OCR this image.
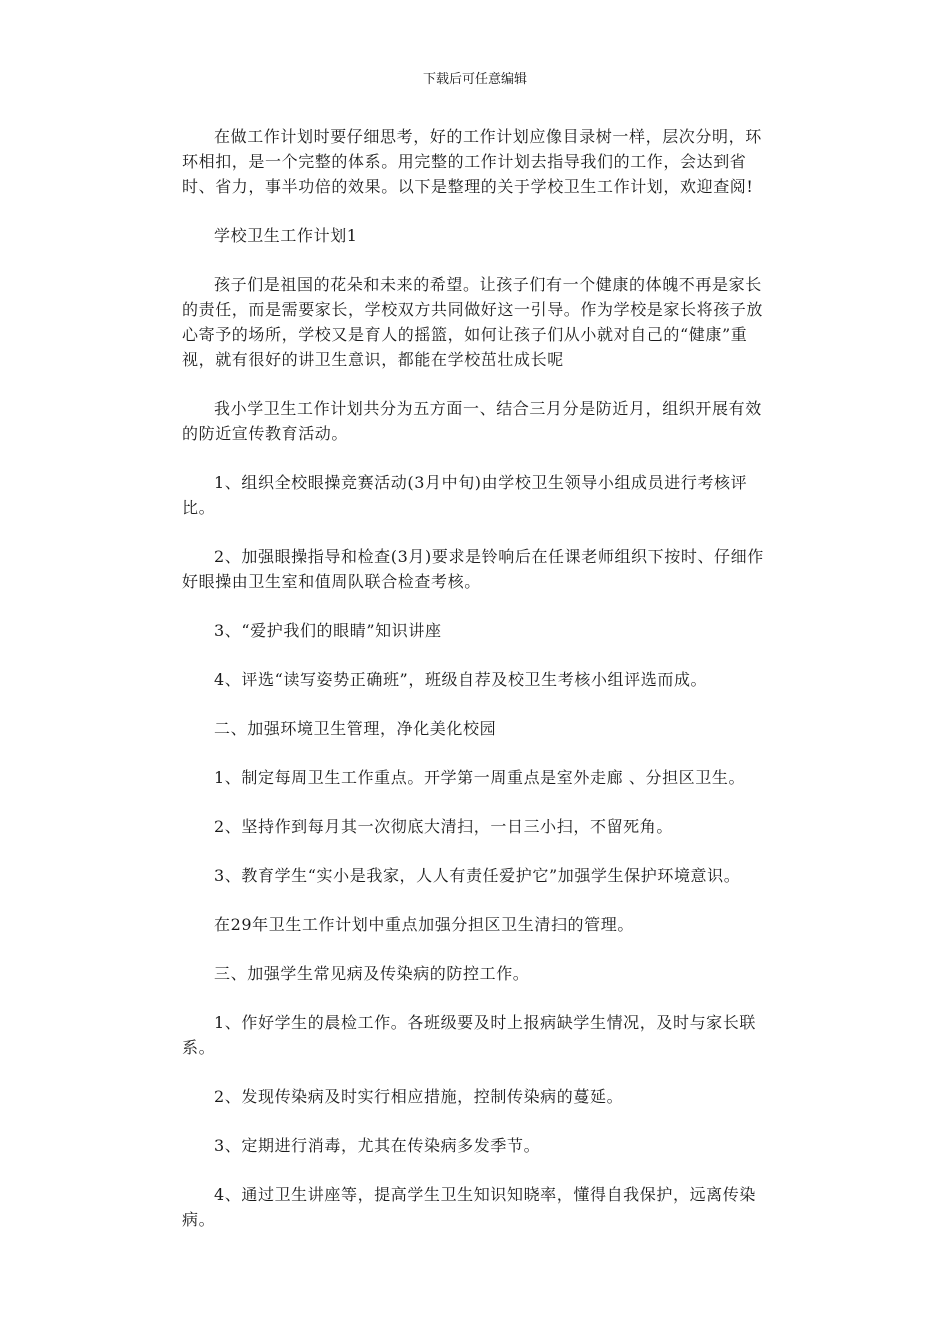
下载后可任意编辑

在做工作计划时要仔细思考，好的工作计划应像目录树一样，层次分明，环环相扣，是一个完整的体系。用完整的工作计划去指导我们的工作，会达到省时、省力，事半功倍的效果。以下是整理的关于学校卫生工作计划，欢迎查阅!

学校卫生工作计划1

孩子们是祖国的花朵和未来的希望。让孩子们有一个健康的体魄不再是家长的责任，而是需要家长，学校双方共同做好这一引导。作为学校是家长将孩子放心寄予的场所，学校又是育人的摇篮，如何让孩子们从小就对自己的“健康”重视，就有很好的讲卫生意识，都能在学校茁壮成长呢

我小学卫生工作计划共分为五方面一、结合三月分是防近月，组织开展有效的防近宣传教育活动。

1、组织全校眼操竞赛活动(3月中旬)由学校卫生领导小组成员进行考核评比。

2、加强眼操指导和检查(3月)要求是铃响后在任课老师组织下按时、仔细作好眼操由卫生室和值周队联合检查考核。

3、“爱护我们的眼睛”知识讲座

4、评选“读写姿势正确班”，班级自荐及校卫生考核小组评选而成。

二、加强环境卫生管理，净化美化校园

1、制定每周卫生工作重点。开学第一周重点是室外走廊 、分担区卫生。

2、坚持作到每月其一次彻底大清扫，一日三小扫，不留死角。

3、教育学生“实小是我家，人人有责任爱护它”加强学生保护环境意识。

在29年卫生工作计划中重点加强分担区卫生清扫的管理。

三、加强学生常见病及传染病的防控工作。

1、作好学生的晨检工作。各班级要及时上报病缺学生情况，及时与家长联系。

2、发现传染病及时实行相应措施，控制传染病的蔓延。

3、定期进行消毒，尤其在传染病多发季节。

4、通过卫生讲座等，提高学生卫生知识知晓率，懂得自我保护，远离传染病。
